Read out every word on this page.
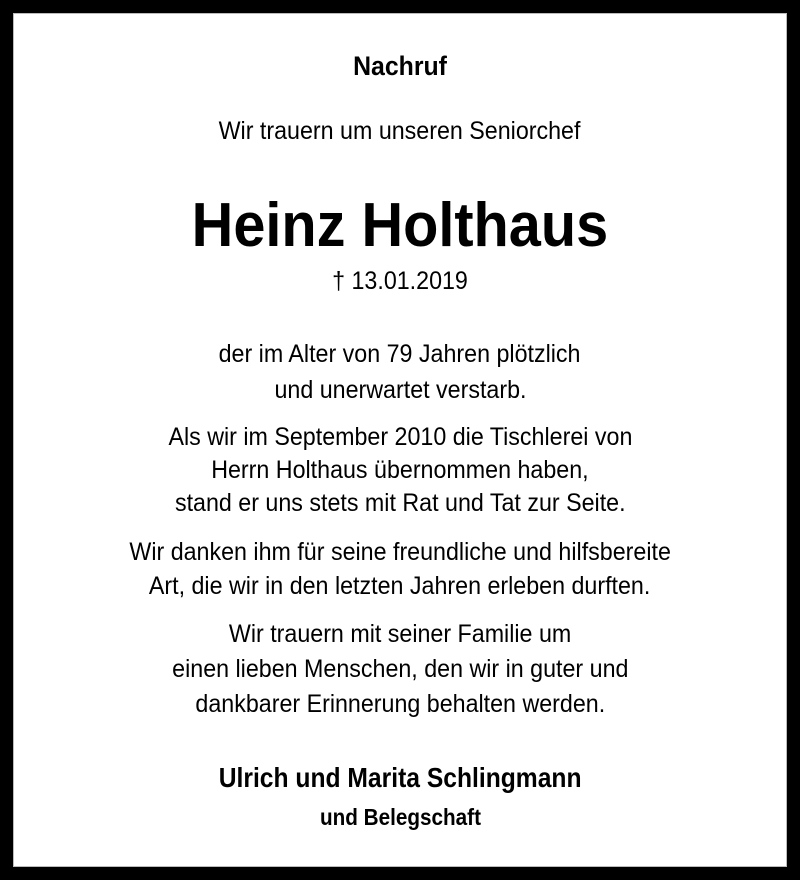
Nachruf
Wir trauern um unseren Seniorchef
Heinz Holthaus
† 13.01.2019
der im Alter von 79 Jahren plötzlich
und unerwartet verstarb.
Als wir im September 2010 die Tischlerei von
Herrn Holthaus übernommen haben,
stand er uns stets mit Rat und Tat zur Seite.
Wir danken ihm für seine freundliche und hilfsbereite
Art, die wir in den letzten Jahren erleben durften.
Wir trauern mit seiner Familie um
einen lieben Menschen, den wir in guter und
dankbarer Erinnerung behalten werden.
Ulrich und Marita Schlingmann
und Belegschaft
